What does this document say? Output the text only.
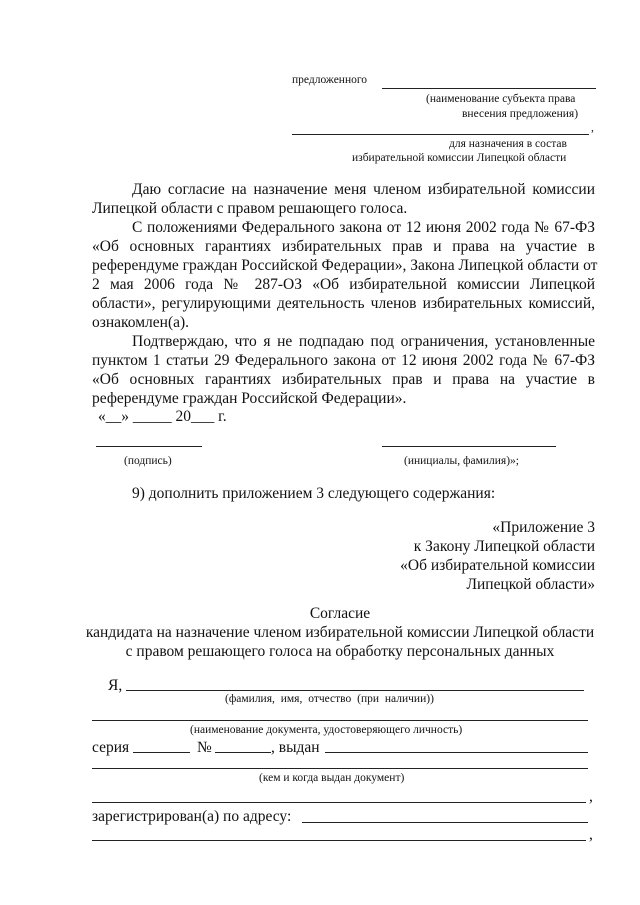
предложенного
(наименование субъекта права
внесения предложения)
,
для назначения в состав
избирательной комиссии Липецкой области
Даю согласие на назначение меня членом избирательной комиссии
Липецкой области с правом решающего голоса.
С положениями Федерального закона от 12 июня 2002 года № 67-ФЗ
«Об основных гарантиях избирательных прав и права на участие в
референдуме граждан Российской Федерации», Закона Липецкой области от
2 мая 2006 года № 287-ОЗ «Об избирательной комиссии Липецкой
области», регулирующими деятельность членов избирательных комиссий,
ознакомлен(а).
Подтверждаю, что я не подпадаю под ограничения, установленные
пунктом 1 статьи 29 Федерального закона от 12 июня 2002 года № 67-ФЗ
«Об основных гарантиях избирательных прав и права на участие в
референдуме граждан Российской Федерации».
«__» _____ 20___ г.
(подпись)	(инициалы, фамилия)»;
9) дополнить приложением 3 следующего содержания:
«Приложение 3
к Закону Липецкой области
«Об избирательной комиссии
Липецкой области»
Согласие
кандидата на назначение членом избирательной комиссии Липецкой области
с правом решающего голоса на обработку персональных данных
Я,
(фамилия, имя, отчество (при наличии))
(наименование документа, удостоверяющего личность)
серия	№	, выдан
(кем и когда выдан документ)
,
зарегистрирован(а) по адресу:
,
